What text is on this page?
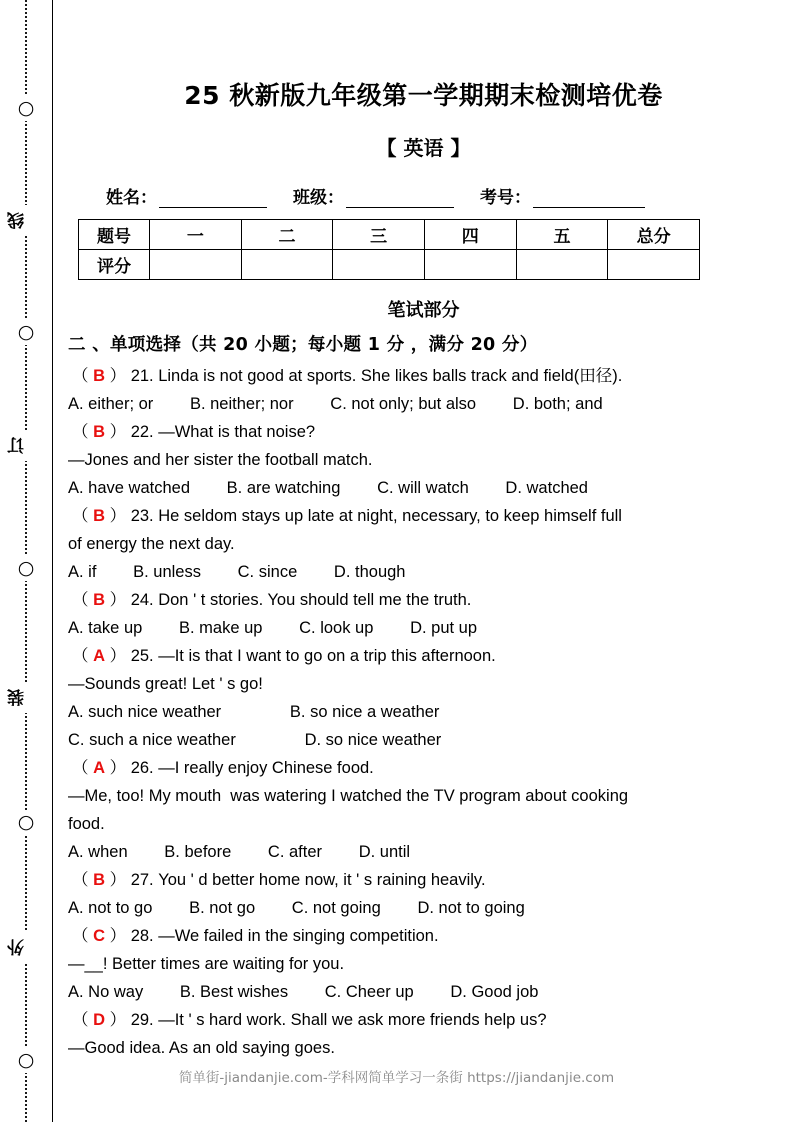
○
线
○
订
○
装
○
外
○
25 秋新版九年级第一学期期末检测培优卷
【 英语 】
姓名：	班级：	考号：
题号	一	二	三	四	五	总分
评分						
笔试部分
二 、单项选择（共 20 小题；每小题 1 分 ，满分 20 分）
（ B ） 21. Linda is not good at sports. She likes balls track and field(田径).
A. either; or        B. neither; nor        C. not only; but also        D. both; and
（ B ） 22. —What is that noise?
—Jones and her sister the football match.
A. have watched        B. are watching        C. will watch        D. watched
（ B ） 23. He seldom stays up late at night, necessary, to keep himself full
of energy the next day.
A. if        B. unless        C. since        D. though
（ B ） 24. Don ' t stories. You should tell me the truth.
A. take up        B. make up        C. look up        D. put up
（ A ） 25. —It is that I want to go on a trip this afternoon.
—Sounds great! Let ' s go!
A. such nice weather               B. so nice a weather
C. such a nice weather               D. so nice weather
（ A ） 26. —I really enjoy Chinese food.
—Me, too! My mouth  was watering I watched the TV program about cooking
food.
A. when        B. before        C. after        D. until
（ B ） 27. You ' d better home now, it ' s raining heavily.
A. not to go        B. not go        C. not going        D. not to going
（ C ） 28. —We failed in the singing competition.
—__! Better times are waiting for you.
A. No way        B. Best wishes        C. Cheer up        D. Good job
（ D ） 29. —It ' s hard work. Shall we ask more friends help us?
—Good idea. As an old saying goes.
简单街-jiandanjie.com-学科网简单学习一条街 https://jiandanjie.com
